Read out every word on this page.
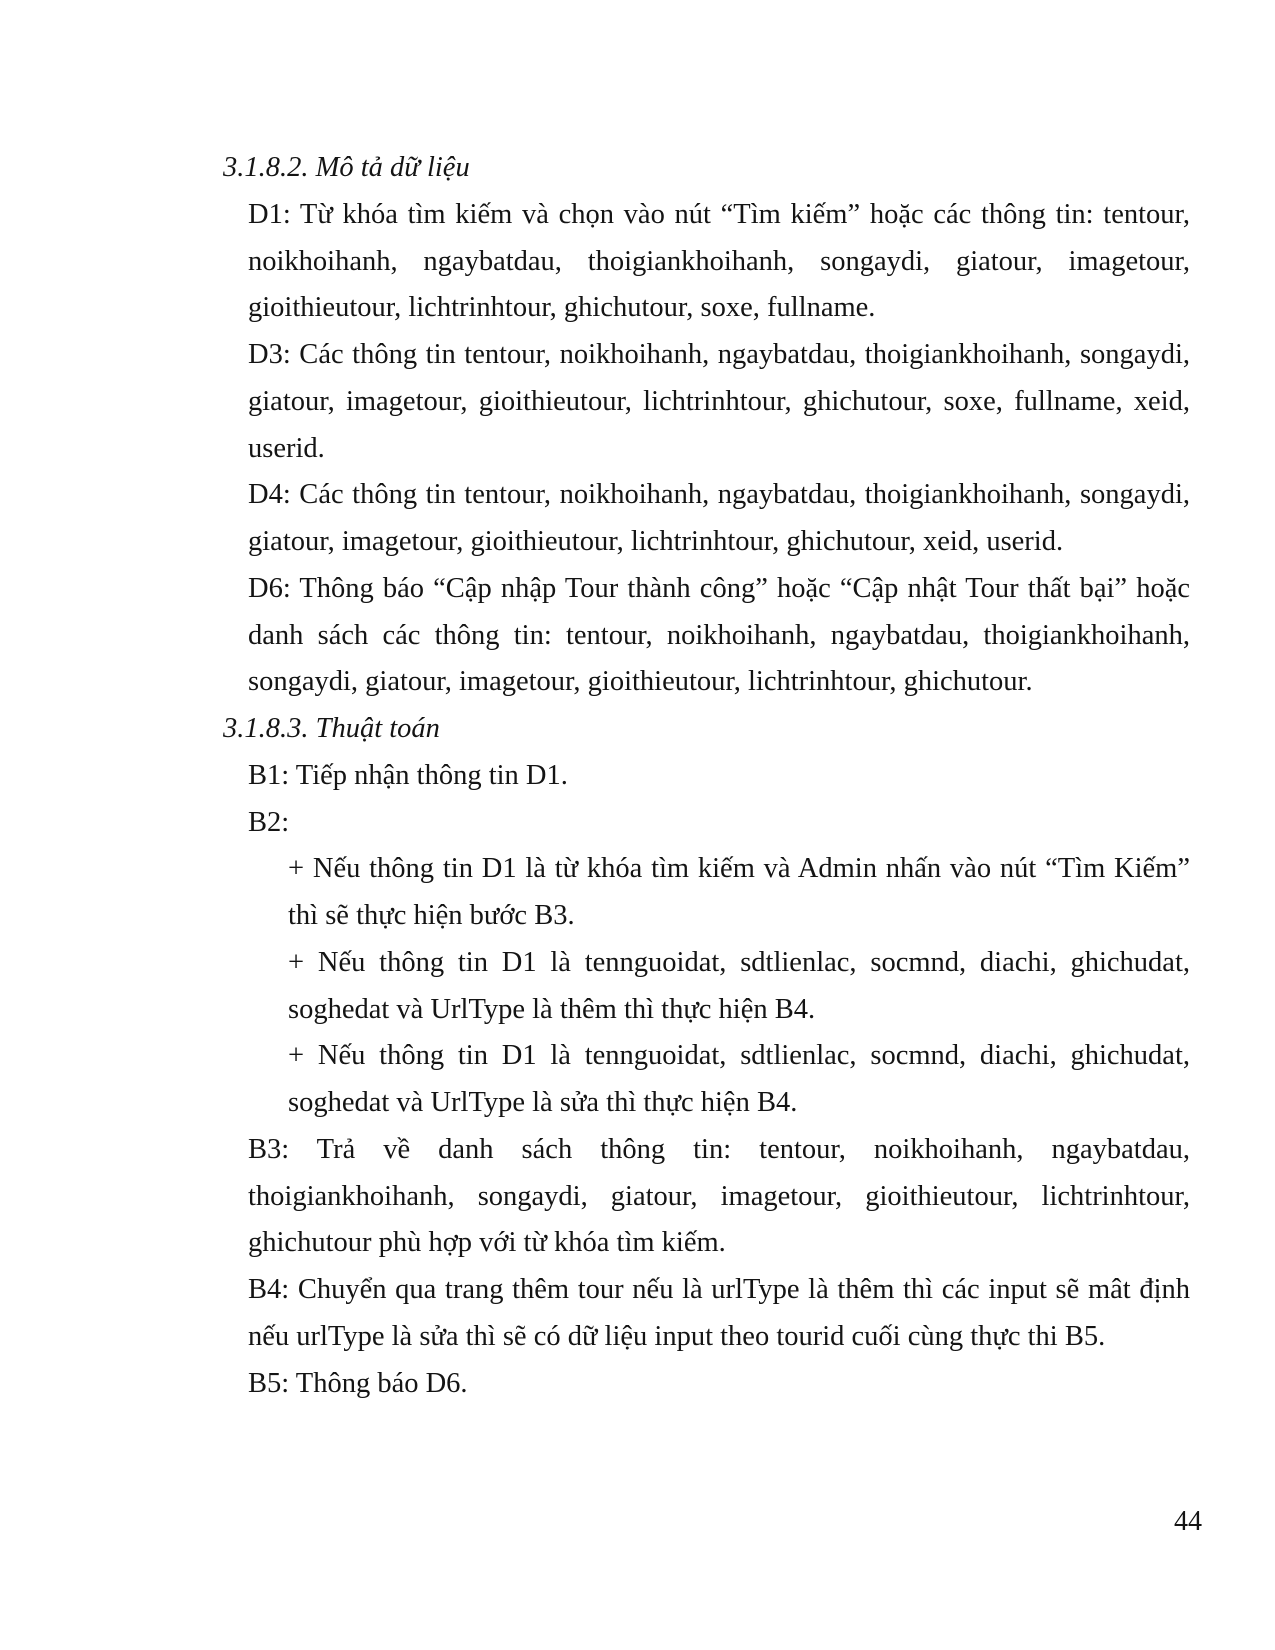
3.1.8.2. Mô tả dữ liệu
D1: Từ khóa tìm kiếm và chọn vào nút “Tìm kiếm” hoặc các thông tin: tentour, noikhoihanh, ngaybatdau, thoigiankhoihanh, songaydi, giatour, imagetour, gioithieutour, lichtrinhtour, ghichutour, soxe, fullname.
D3: Các thông tin tentour, noikhoihanh, ngaybatdau, thoigiankhoihanh, songaydi, giatour, imagetour, gioithieutour, lichtrinhtour, ghichutour, soxe, fullname, xeid, userid.
D4: Các thông tin tentour, noikhoihanh, ngaybatdau, thoigiankhoihanh, songaydi, giatour, imagetour, gioithieutour, lichtrinhtour, ghichutour, xeid, userid.
D6: Thông báo “Cập nhập Tour thành công” hoặc “Cập nhật Tour thất bại” hoặc danh sách các thông tin: tentour, noikhoihanh, ngaybatdau, thoigiankhoihanh, songaydi, giatour, imagetour, gioithieutour, lichtrinhtour, ghichutour.
3.1.8.3. Thuật toán
B1: Tiếp nhận thông tin D1.
B2:
+ Nếu thông tin D1 là từ khóa tìm kiếm và Admin nhấn vào nút “Tìm Kiếm” thì sẽ thực hiện bước B3.
+ Nếu thông tin D1 là tennguoidat, sdtlienlac, socmnd, diachi, ghichudat, soghedat và UrlType là thêm thì thực hiện B4.
+ Nếu thông tin D1 là tennguoidat, sdtlienlac, socmnd, diachi, ghichudat, soghedat và UrlType là sửa thì thực hiện B4.
B3: Trả về danh sách thông tin: tentour, noikhoihanh, ngaybatdau, thoigiankhoihanh, songaydi, giatour, imagetour, gioithieutour, lichtrinhtour, ghichutour phù hợp với từ khóa tìm kiếm.
B4: Chuyển qua trang thêm tour nếu là urlType là thêm thì các input sẽ mât định nếu urlType là sửa thì sẽ có dữ liệu input theo tourid cuối cùng thực thi B5.
B5: Thông báo D6.
44
